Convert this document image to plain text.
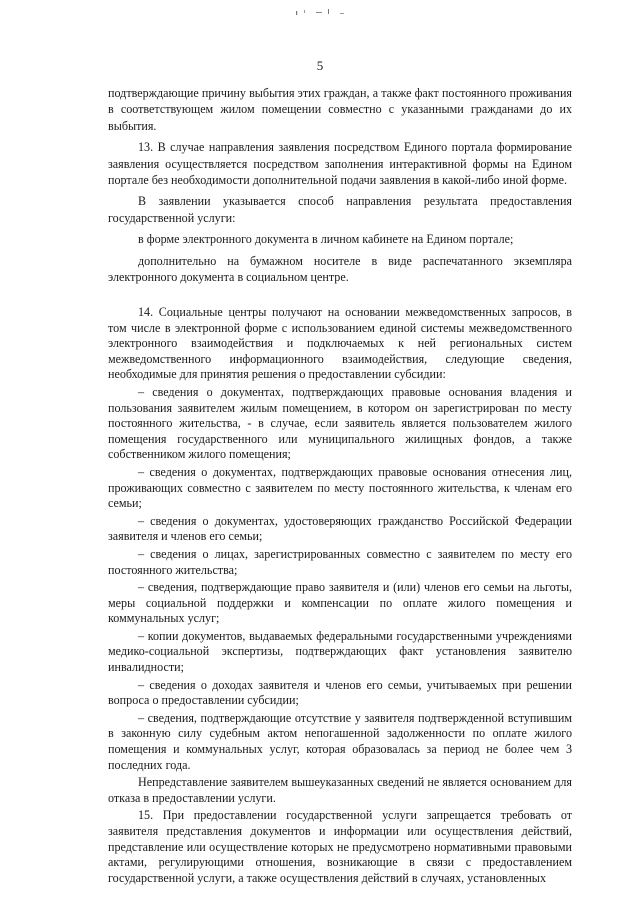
5

подтверждающие причину выбытия этих граждан, а также факт постоянного проживания в соответствующем жилом помещении совместно с указанными гражданами до их выбытия.

13. В случае направления заявления посредством Единого портала формирование заявления осуществляется посредством заполнения интерактивной формы на Едином портале без необходимости дополнительной подачи заявления в какой-либо иной форме.

В заявлении указывается способ направления результата предоставления государственной услуги:

в форме электронного документа в личном кабинете на Едином портале;

дополнительно на бумажном носителе в виде распечатанного экземпляра электронного документа в социальном центре.

14. Социальные центры получают на основании межведомственных запросов, в том числе в электронной форме с использованием единой системы межведомственного электронного взаимодействия и подключаемых к ней региональных систем межведомственного информационного взаимодействия, следующие сведения, необходимые для принятия решения о предоставлении субсидии:

– сведения о документах, подтверждающих правовые основания владения и пользования заявителем жилым помещением, в котором он зарегистрирован по месту постоянного жительства, - в случае, если заявитель является пользователем жилого помещения государственного или муниципального жилищных фондов, а также собственником жилого помещения;

– сведения о документах, подтверждающих правовые основания отнесения лиц, проживающих совместно с заявителем по месту постоянного жительства, к членам его семьи;

– сведения о документах, удостоверяющих гражданство Российской Федерации заявителя и членов его семьи;

– сведения о лицах, зарегистрированных совместно с заявителем по месту его постоянного жительства;

– сведения, подтверждающие право заявителя и (или) членов его семьи на льготы, меры социальной поддержки и компенсации по оплате жилого помещения и коммунальных услуг;

– копии документов, выдаваемых федеральными государственными учреждениями медико-социальной экспертизы, подтверждающих факт установления заявителю инвалидности;

– сведения о доходах заявителя и членов его семьи, учитываемых при решении вопроса о предоставлении субсидии;

– сведения, подтверждающие отсутствие у заявителя подтвержденной вступившим в законную силу судебным актом непогашенной задолженности по оплате жилого помещения и коммунальных услуг, которая образовалась за период не более чем 3 последних года.

Непредставление заявителем вышеуказанных сведений не является основанием для отказа в предоставлении услуги.

15. При предоставлении государственной услуги запрещается требовать от заявителя представления документов и информации или осуществления действий, представление или осуществление которых не предусмотрено нормативными правовыми актами, регулирующими отношения, возникающие в связи с предоставлением государственной услуги, а также осуществления действий в случаях, установленных
